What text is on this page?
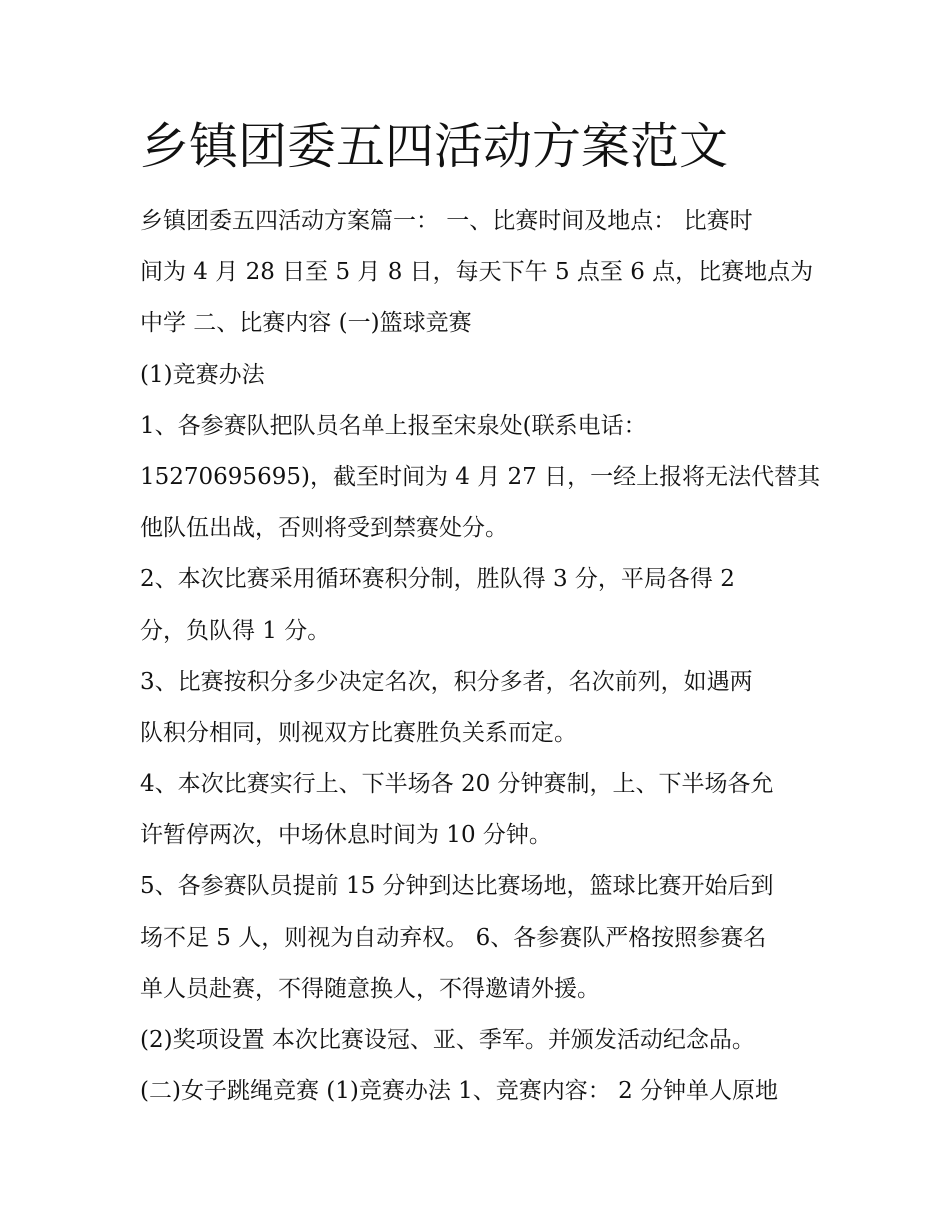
乡镇团委五四活动方案范文
乡镇团委五四活动方案篇一： 一、比赛时间及地点： 比赛时
间为 4 月 28 日至 5 月 8 日，每天下午 5 点至 6 点，比赛地点为
中学 二、比赛内容 (一)篮球竞赛
(1)竞赛办法
1、各参赛队把队员名单上报至宋泉处(联系电话：
15270695695)，截至时间为 4 月 27 日，一经上报将无法代替其
他队伍出战，否则将受到禁赛处分。
2、本次比赛采用循环赛积分制，胜队得 3 分，平局各得 2
分，负队得 1 分。
3、比赛按积分多少决定名次，积分多者，名次前列，如遇两
队积分相同，则视双方比赛胜负关系而定。
4、本次比赛实行上、下半场各 20 分钟赛制，上、下半场各允
许暂停两次，中场休息时间为 10 分钟。
5、各参赛队员提前 15 分钟到达比赛场地，篮球比赛开始后到
场不足 5 人，则视为自动弃权。 6、各参赛队严格按照参赛名
单人员赴赛，不得随意换人，不得邀请外援。
(2)奖项设置 本次比赛设冠、亚、季军。并颁发活动纪念品。
(二)女子跳绳竞赛 (1)竞赛办法 1、竞赛内容： 2 分钟单人原地
